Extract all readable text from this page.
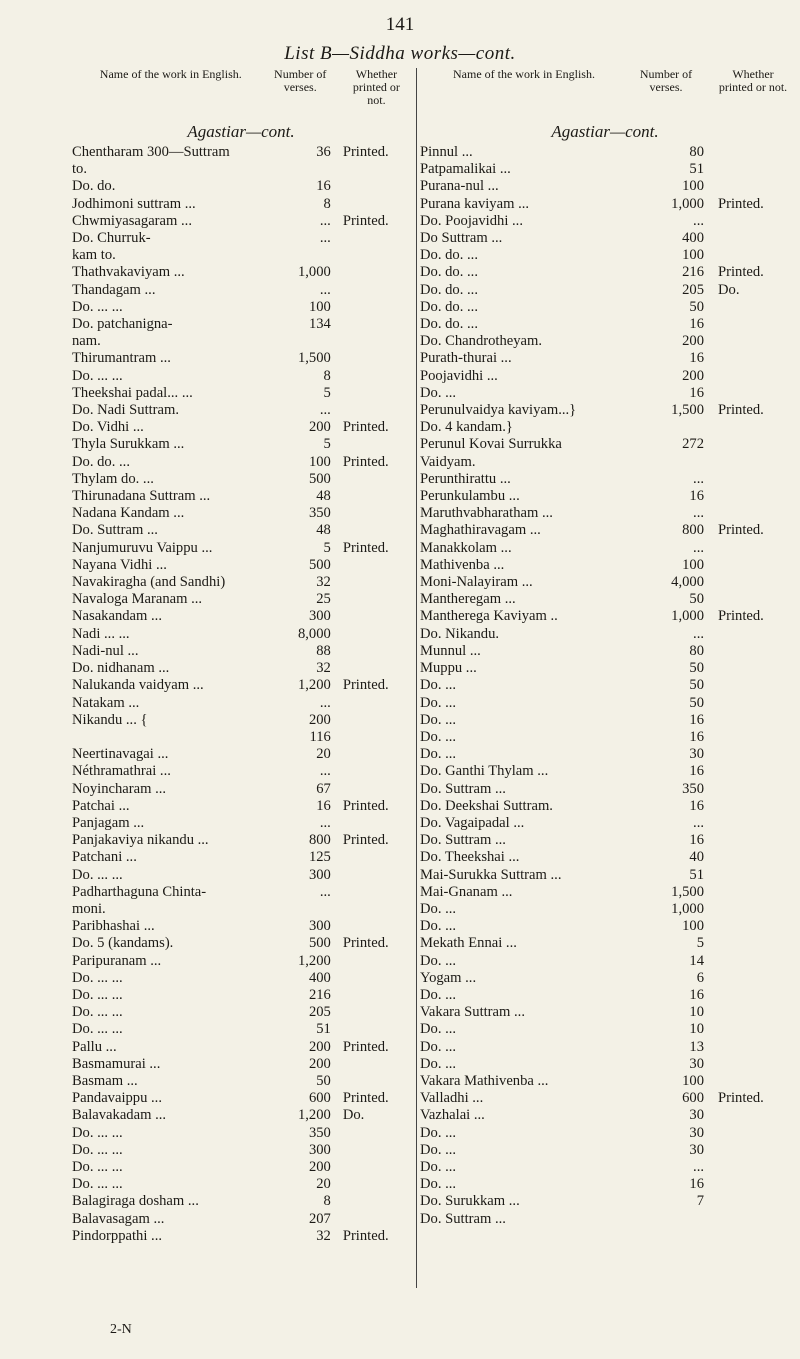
141
List B—Siddha works—cont.
Name of the work in English.	Number of verses.
Whether printed or not.
Agastiar—cont.
Chentharam 300—Suttram	36 Printed.
to.
Do. do.	16
Jodhimoni suttram ...	8
Chwmiyasagaram ...	... Printed.
Do. Churruk-	...
kam to.
Thathvakaviyam ...	1,000
Thandagam ...	...
Do. ... ...	100
Do. patchanigna-	134
nam.
Thirumantram ...	1,500
Do. ... ...	8
Theekshai padal... ...	5
Do. Nadi Suttram.	...
Do. Vidhi ...	200 Printed.
Thyla Surukkam ...	5
Do. do. ...	100 Printed.
Thylam do. ...	500
Thirunadana Suttram ...	48
Nadana Kandam ...	350
Do. Suttram ...	48
Nanjumuruvu Vaippu ...	5 Printed.
Nayana Vidhi ...	500
Navakiragha (and Sandhi)	32
Navaloga Maranam ...	25
Nasakandam ...	300
Nadi ... ...	8,000
Nadi-nul ...	88
Do. nidhanam ...	32
Nalukanda vaidyam ...	1,200 Printed.
Natakam ...	...
Nikandu ... {	200
116
Neertinavagai ...	20
Néthramathrai ...	...
Noyincharam ...	67
Patchai ...	16 Printed.
Panjagam ...	...
Panjakaviya nikandu ...	800 Printed.
Patchani ...	125
Do. ... ...	300
Padharthaguna Chinta-	...
moni.
Paribhashai ...	300
Do. 5 (kandams).	500 Printed.
Paripuranam ...	1,200
Do. ... ...	400
Do. ... ...	216
Do. ... ...	205
Do. ... ...	51
Pallu ...	200 Printed.
Basmamurai ...	200
Basmam ...	50
Pandavaippu ...	600 Printed.
Balavakadam ...	1,200 Do.
Do. ... ...	350
Do. ... ...	300
Do. ... ...	200
Do. ... ...	20
Balagiraga dosham ...	8
Balavasagam ...	207
Pindorppathi ...	32 Printed.
Name of the work in English.	Number of verses.
Whether printed or not.
Agastiar—cont.
Pinnul ...	80
Patpamalikai ...	51
Purana-nul ...	100
Purana kaviyam ...	1,000 Printed.
Do. Poojavidhi ...	...
Do Suttram ...	400
Do. do. ...	100
Do. do. ...	216 Printed.
Do. do. ...	205 Do.
Do. do. ...	50
Do. do. ...	16
Do. Chandrotheyam.	200
Purath-thurai ...	16
Poojavidhi ...	200
Do. ...	16
Perunulvaidya kaviyam...}	1,500 Printed.
Do. 4 kandam.}
Perunul Kovai Surrukka	272
Vaidyam.
Perunthirattu ...	...
Perunkulambu ...	16
Maruthvabharatham ...	...
Maghathiravagam ...	800 Printed.
Manakkolam ...	...
Mathivenba ...	100
Moni-Nalayiram ...	4,000
Mantheregam ...	50
Mantherega Kaviyam ..	1,000 Printed.
Do. Nikandu.	...
Munnul ...	80
Muppu ...	50
Do. ...	50
Do. ...	50
Do. ...	16
Do. ...	16
Do. ...	30
Do. Ganthi Thylam ...	16
Do. Suttram ...	350
Do. Deekshai Suttram.	16
Do. Vagaipadal ...	...
Do. Suttram ...	16
Do. Theekshai ...	40
Mai-Surukka Suttram ...	51
Mai-Gnanam ...	1,500
Do. ...	1,000
Do. ...	100
Mekath Ennai ...	5
Do. ...	14
Yogam ...	6
Do. ...	16
Vakara Suttram ...	10
Do. ...	10
Do. ...	13
Do. ...	30
Vakara Mathivenba ...	100
Valladhi ...	600 Printed.
Vazhalai ...	30
Do. ...	30
Do. ...	30
Do. ...	...
Do. ...	16
Do. Surukkam ...	7
Do. Suttram ...
2-N
